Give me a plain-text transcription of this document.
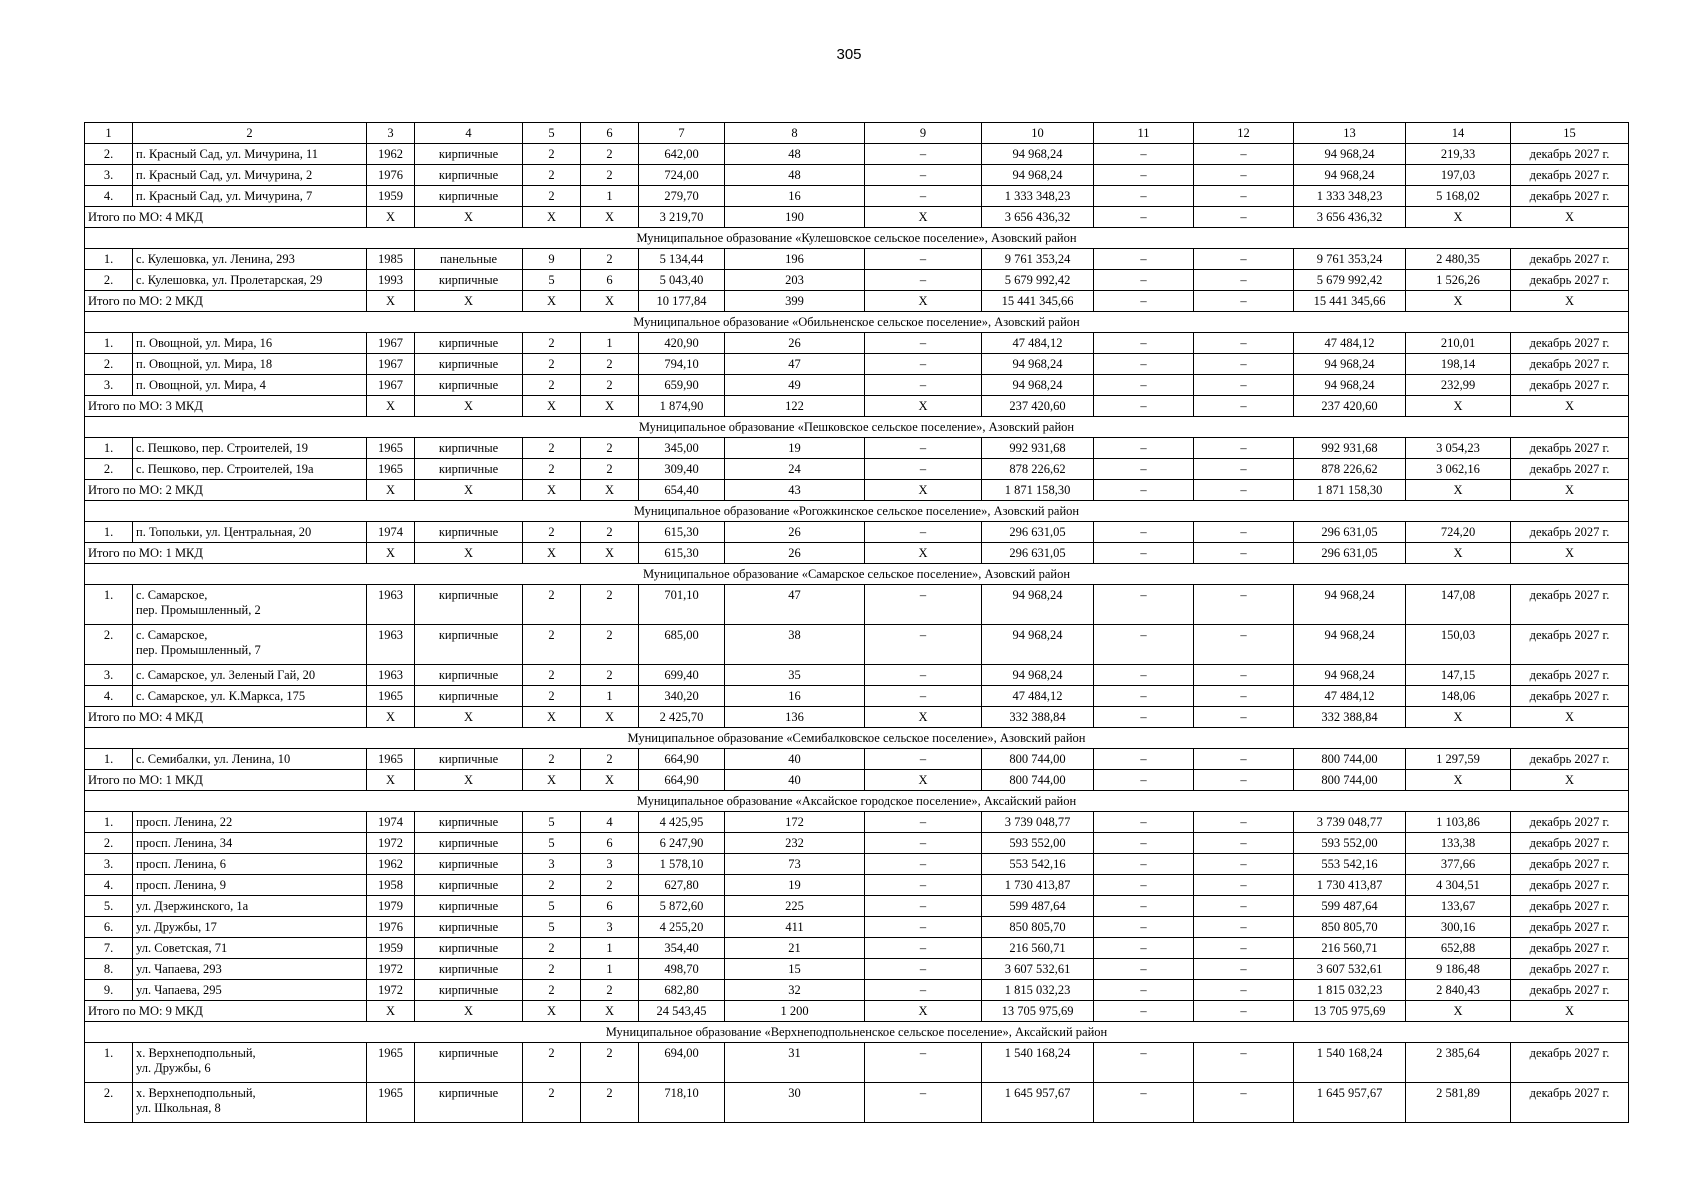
305
1	2	3	4	5	6	7	8	9	10	11	12	13	14	15
2.	п. Красный Сад, ул. Мичурина, 11	1962	кирпичные	2	2	642,00	48	–	94 968,24	–	–	94 968,24	219,33	декабрь 2027 г.
3.	п. Красный Сад, ул. Мичурина, 2	1976	кирпичные	2	2	724,00	48	–	94 968,24	–	–	94 968,24	197,03	декабрь 2027 г.
4.	п. Красный Сад, ул. Мичурина, 7	1959	кирпичные	2	1	279,70	16	–	1 333 348,23	–	–	1 333 348,23	5 168,02	декабрь 2027 г.
Итого по МО: 4 МКД		X	X	X	X	3 219,70	190	X	3 656 436,32	–	–	3 656 436,32	X	X
Муниципальное образование «Кулешовское сельское поселение», Азовский район														
1.	с. Кулешовка, ул. Ленина, 293	1985	панельные	9	2	5 134,44	196	–	9 761 353,24	–	–	9 761 353,24	2 480,35	декабрь 2027 г.
2.	с. Кулешовка, ул. Пролетарская, 29	1993	кирпичные	5	6	5 043,40	203	–	5 679 992,42	–	–	5 679 992,42	1 526,26	декабрь 2027 г.
Итого по МО: 2 МКД		X	X	X	X	10 177,84	399	X	15 441 345,66	–	–	15 441 345,66	X	X
Муниципальное образование «Обильненское сельское поселение», Азовский район														
1.	п. Овощной, ул. Мира, 16	1967	кирпичные	2	1	420,90	26	–	47 484,12	–	–	47 484,12	210,01	декабрь 2027 г.
2.	п. Овощной, ул. Мира, 18	1967	кирпичные	2	2	794,10	47	–	94 968,24	–	–	94 968,24	198,14	декабрь 2027 г.
3.	п. Овощной, ул. Мира, 4	1967	кирпичные	2	2	659,90	49	–	94 968,24	–	–	94 968,24	232,99	декабрь 2027 г.
Итого по МО: 3 МКД		X	X	X	X	1 874,90	122	X	237 420,60	–	–	237 420,60	X	X
Муниципальное образование «Пешковское сельское поселение», Азовский район														
1.	с. Пешково, пер. Строителей, 19	1965	кирпичные	2	2	345,00	19	–	992 931,68	–	–	992 931,68	3 054,23	декабрь 2027 г.
2.	с. Пешково, пер. Строителей, 19а	1965	кирпичные	2	2	309,40	24	–	878 226,62	–	–	878 226,62	3 062,16	декабрь 2027 г.
Итого по МО: 2 МКД		X	X	X	X	654,40	43	X	1 871 158,30	–	–	1 871 158,30	X	X
Муниципальное образование «Рогожкинское сельское поселение», Азовский район														
1.	п. Топольки, ул. Центральная, 20	1974	кирпичные	2	2	615,30	26	–	296 631,05	–	–	296 631,05	724,20	декабрь 2027 г.
Итого по МО: 1 МКД		X	X	X	X	615,30	26	X	296 631,05	–	–	296 631,05	X	X
Муниципальное образование «Самарское сельское поселение», Азовский район														
1.	с. Самарское,
пер. Промышленный, 2	1963	кирпичные	2	2	701,10	47	–	94 968,24	–	–	94 968,24	147,08	декабрь 2027 г.
2.	с. Самарское,
пер. Промышленный, 7	1963	кирпичные	2	2	685,00	38	–	94 968,24	–	–	94 968,24	150,03	декабрь 2027 г.
3.	с. Самарское, ул. Зеленый Гай, 20	1963	кирпичные	2	2	699,40	35	–	94 968,24	–	–	94 968,24	147,15	декабрь 2027 г.
4.	с. Самарское, ул. К.Маркса, 175	1965	кирпичные	2	1	340,20	16	–	47 484,12	–	–	47 484,12	148,06	декабрь 2027 г.
Итого по МО: 4 МКД		X	X	X	X	2 425,70	136	X	332 388,84	–	–	332 388,84	X	X
Муниципальное образование «Семибалковское сельское поселение», Азовский район														
1.	с. Семибалки, ул. Ленина, 10	1965	кирпичные	2	2	664,90	40	–	800 744,00	–	–	800 744,00	1 297,59	декабрь 2027 г.
Итого по МО: 1 МКД		X	X	X	X	664,90	40	X	800 744,00	–	–	800 744,00	X	X
Муниципальное образование «Аксайское городское поселение», Аксайский район														
1.	просп. Ленина, 22	1974	кирпичные	5	4	4 425,95	172	–	3 739 048,77	–	–	3 739 048,77	1 103,86	декабрь 2027 г.
2.	просп. Ленина, 34	1972	кирпичные	5	6	6 247,90	232	–	593 552,00	–	–	593 552,00	133,38	декабрь 2027 г.
3.	просп. Ленина, 6	1962	кирпичные	3	3	1 578,10	73	–	553 542,16	–	–	553 542,16	377,66	декабрь 2027 г.
4.	просп. Ленина, 9	1958	кирпичные	2	2	627,80	19	–	1 730 413,87	–	–	1 730 413,87	4 304,51	декабрь 2027 г.
5.	ул. Дзержинского, 1а	1979	кирпичные	5	6	5 872,60	225	–	599 487,64	–	–	599 487,64	133,67	декабрь 2027 г.
6.	ул. Дружбы, 17	1976	кирпичные	5	3	4 255,20	411	–	850 805,70	–	–	850 805,70	300,16	декабрь 2027 г.
7.	ул. Советская, 71	1959	кирпичные	2	1	354,40	21	–	216 560,71	–	–	216 560,71	652,88	декабрь 2027 г.
8.	ул. Чапаева, 293	1972	кирпичные	2	1	498,70	15	–	3 607 532,61	–	–	3 607 532,61	9 186,48	декабрь 2027 г.
9.	ул. Чапаева, 295	1972	кирпичные	2	2	682,80	32	–	1 815 032,23	–	–	1 815 032,23	2 840,43	декабрь 2027 г.
Итого по МО: 9 МКД		X	X	X	X	24 543,45	1 200	X	13 705 975,69	–	–	13 705 975,69	X	X
Муниципальное образование «Верхнеподпольненское сельское поселение», Аксайский район														
1.	х. Верхнеподпольный,
ул. Дружбы, 6	1965	кирпичные	2	2	694,00	31	–	1 540 168,24	–	–	1 540 168,24	2 385,64	декабрь 2027 г.
2.	х. Верхнеподпольный,
ул. Школьная, 8	1965	кирпичные	2	2	718,10	30	–	1 645 957,67	–	–	1 645 957,67	2 581,89	декабрь 2027 г.
